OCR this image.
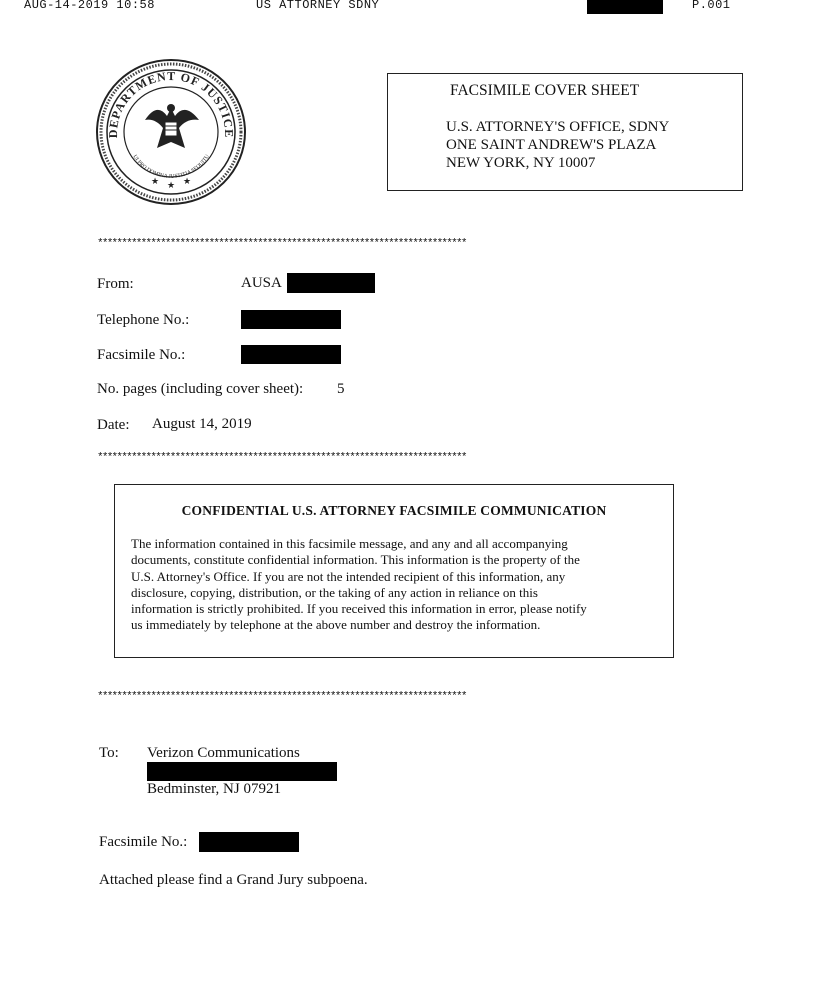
AUG-14-2019 10:58	US ATTORNEY SDNY	P.001
DEPARTMENT OF JUSTICE
UI PRO DOMINA JUSTITIA SEQUITU
★ ★ ★
FACSIMILE COVER SHEET
U.S. ATTORNEY'S OFFICE, SDNY
ONE SAINT ANDREW'S PLAZA
NEW YORK, NY 10007
****************************************************************************
From:	AUSA
Telephone No.:
Facsimile No.:
No. pages (including cover sheet): 5
Date: August 14, 2019
****************************************************************************
CONFIDENTIAL U.S. ATTORNEY FACSIMILE COMMUNICATION
The information contained in this facsimile message, and any and all accompanying
documents, constitute confidential information. This information is the property of the
U.S. Attorney's Office. If you are not the intended recipient of this information, any
disclosure, copying, distribution, or the taking of any action in reliance on this
information is strictly prohibited. If you received this information in error, please notify
us immediately by telephone at the above number and destroy the information.
****************************************************************************
To: Verizon Communications
Bedminster, NJ 07921
Facsimile No.:
Attached please find a Grand Jury subpoena.
